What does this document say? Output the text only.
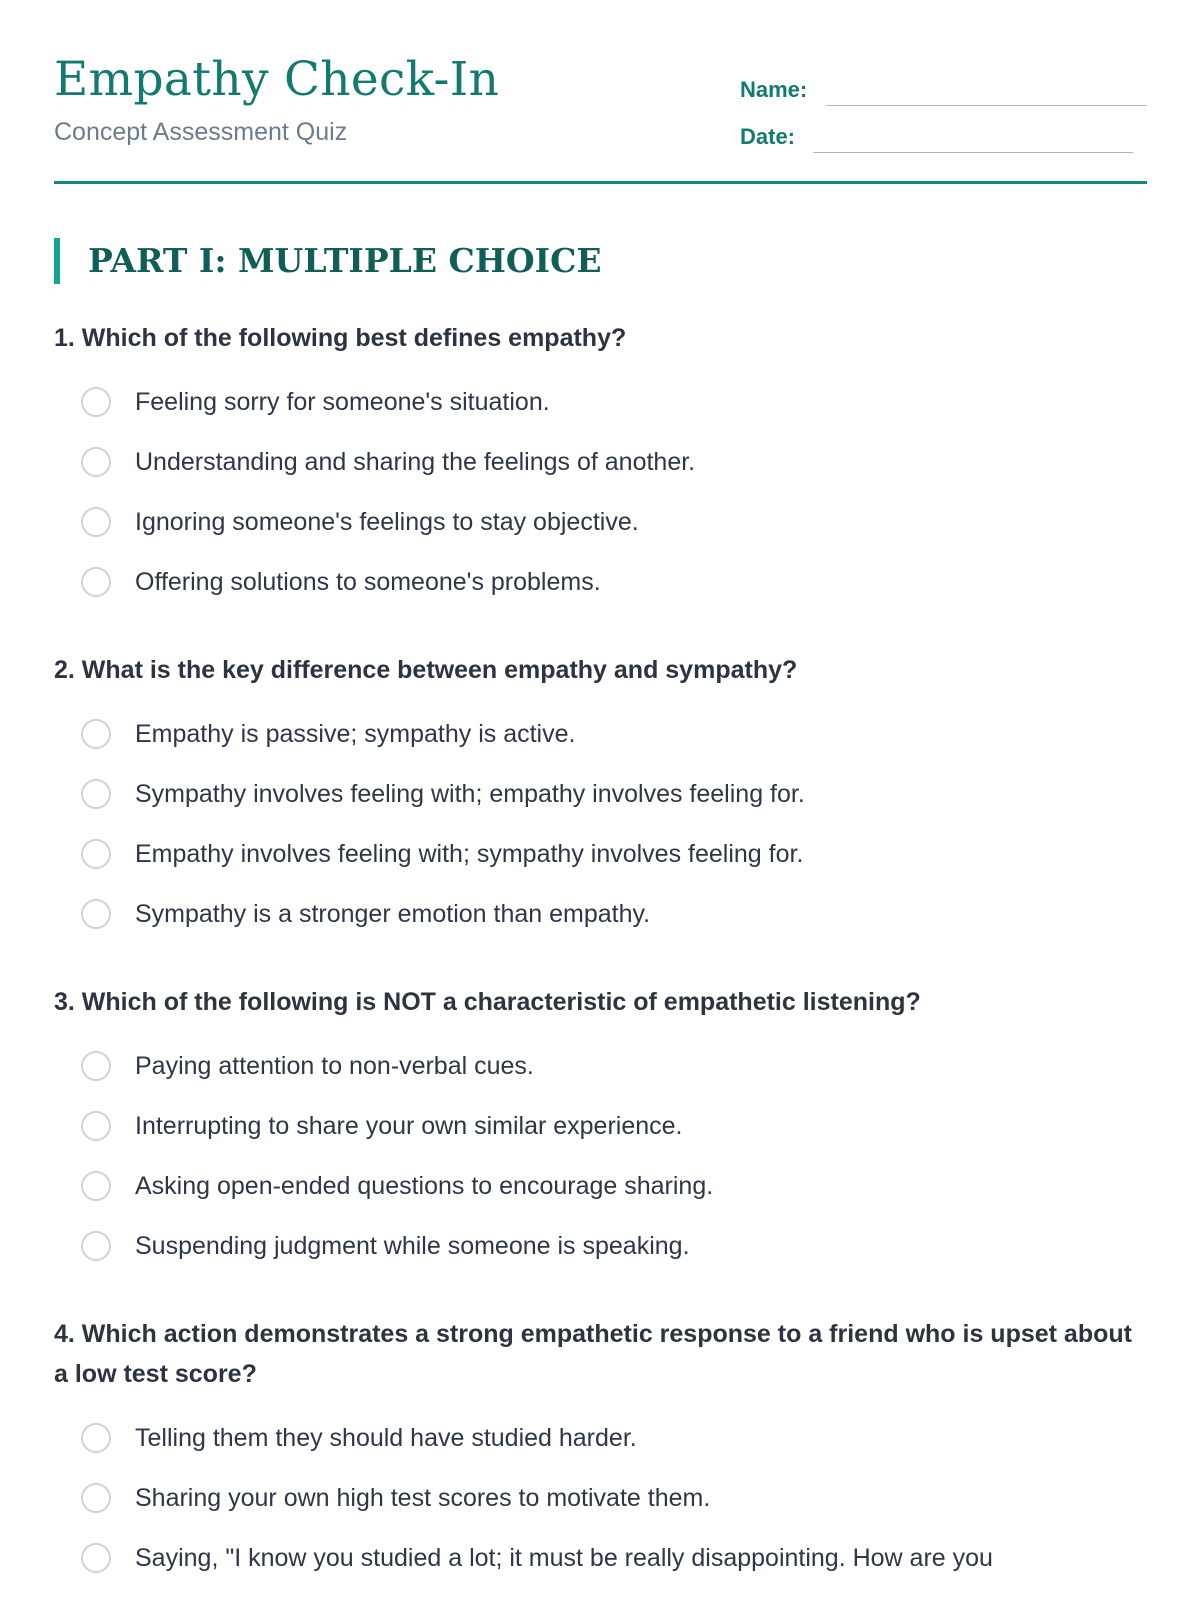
Empathy Check-In
Concept Assessment Quiz
Name:
Date:
PART I: MULTIPLE CHOICE

1. Which of the following best defines empathy?

Feeling sorry for someone's situation.
Understanding and sharing the feelings of another.
Ignoring someone's feelings to stay objective.
Offering solutions to someone's problems.

2. What is the key difference between empathy and sympathy?

Empathy is passive; sympathy is active.
Sympathy involves feeling with; empathy involves feeling for.
Empathy involves feeling with; sympathy involves feeling for.
Sympathy is a stronger emotion than empathy.

3. Which of the following is NOT a characteristic of empathetic listening?

Paying attention to non-verbal cues.
Interrupting to share your own similar experience.
Asking open-ended questions to encourage sharing.
Suspending judgment while someone is speaking.

4. Which action demonstrates a strong empathetic response to a friend who is upset about a low test score?

Telling them they should have studied harder.
Sharing your own high test scores to motivate them.
Saying, "I know you studied a lot; it must be really disappointing. How are you
